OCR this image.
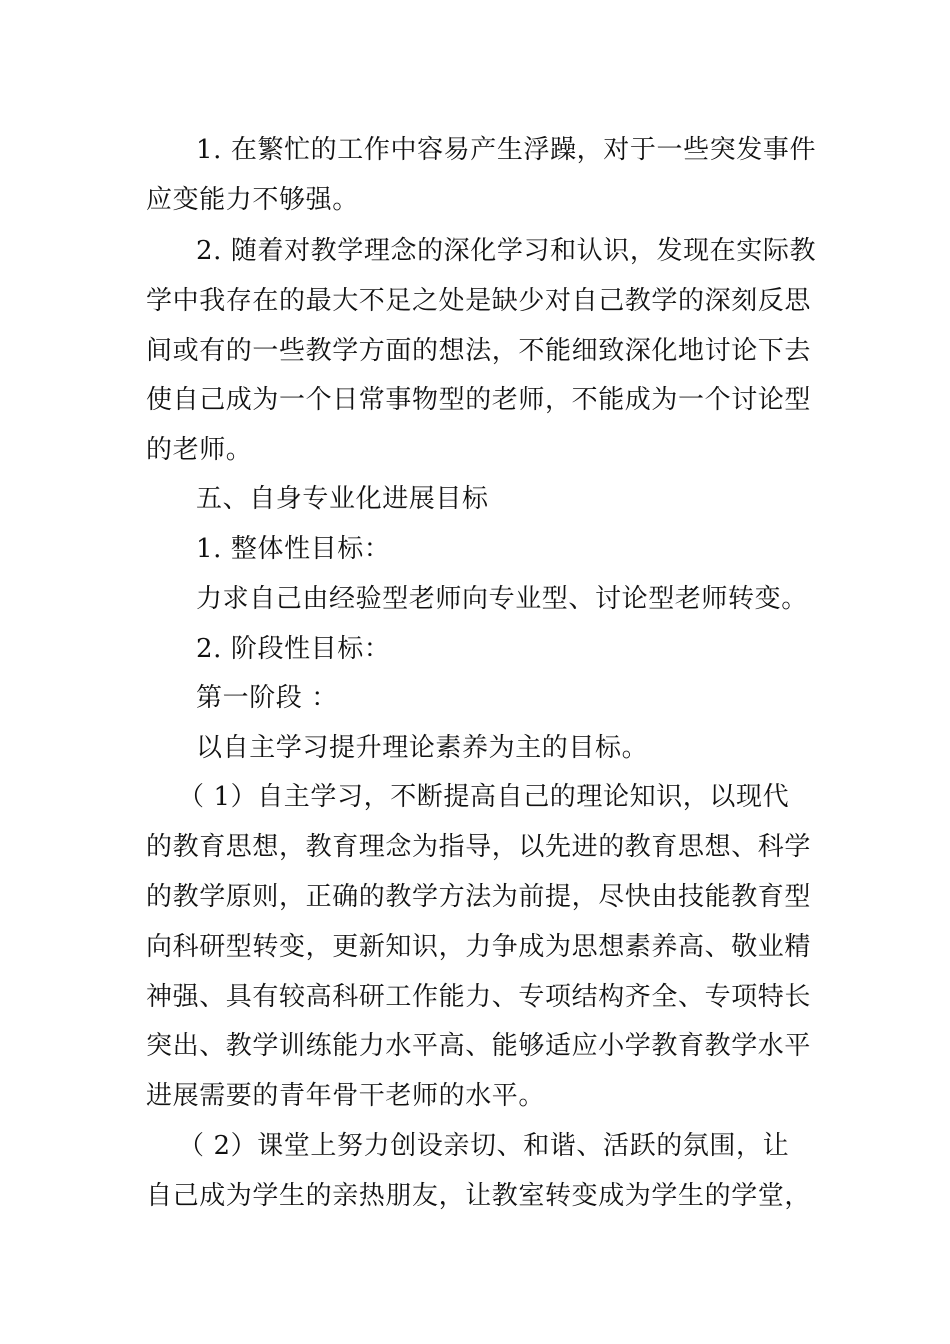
1. 在繁忙的工作中容易产生浮躁，对于一些突发事件

应变能力不够强。

2. 随着对教学理念的深化学习和认识，发现在实际教

学中我存在的最大不足之处是缺少对自己教学的深刻反思

间或有的一些教学方面的想法，不能细致深化地讨论下去

使自己成为一个日常事物型的老师，不能成为一个讨论型

的老师。

五、自身专业化进展目标

1. 整体性目标：

力求自己由经验型老师向专业型、讨论型老师转变。

2. 阶段性目标：

第一阶段 ：

以自主学习提升理论素养为主的目标。

（ 1）自主学习，不断提高自己的理论知识，以现代

的教育思想，教育理念为指导，以先进的教育思想、科学

的教学原则，正确的教学方法为前提，尽快由技能教育型

向科研型转变，更新知识，力争成为思想素养高、敬业精

神强、具有较高科研工作能力、专项结构齐全、专项特长

突出、教学训练能力水平高、能够适应小学教育教学水平

进展需要的青年骨干老师的水平。

（ 2）课堂上努力创设亲切、和谐、活跃的氛围，让

自己成为学生的亲热朋友，让教室转变成为学生的学堂，
